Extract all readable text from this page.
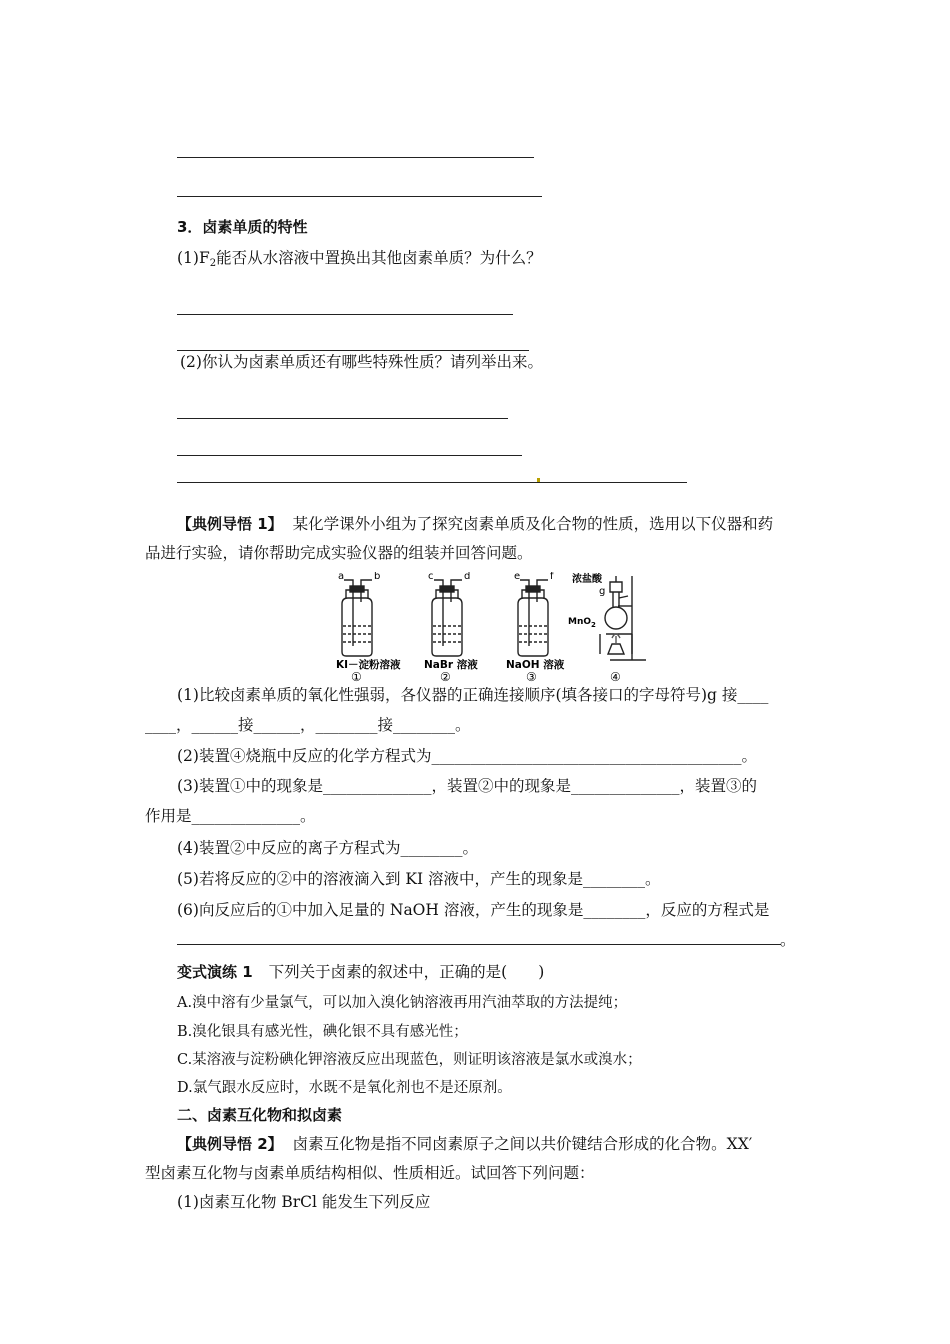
3．卤素单质的特性
$(1)F_2$能否从水溶液中置换出其他卤素单质？为什么？
(2)你认为卤素单质还有哪些特殊性质？请列举出来。
【典例导悟 1】 某化学课外小组为了探究卤素单质及化合物的性质，选用以下仪器和药
品进行实验，请你帮助完成实验仪器的组装并回答问题。
a	b	c	d	e	f
g
浓盐酸
MnO$_2$
KI－淀粉溶液 NaBr 溶液	NaOH 溶液
①	②	③	④
(1)比较卤素单质的氧化性强弱，各仪器的正确连接顺序(填各接口的字母符号)g 接____
____，______接______，________接________。
(2)装置④烧瓶中反应的化学方程式为________________________________________。
(3)装置①中的现象是______________，装置②中的现象是______________，装置③的
作用是______________。
(4)装置②中反应的离子方程式为________。
(5)若将反应的②中的溶液滴入到 KI 溶液中，产生的现象是________。
(6)向反应后的①中加入足量的 NaOH 溶液，产生的现象是________，反应的方程式是
。
变式演练 1 下列关于卤素的叙述中，正确的是(　　)
A.溴中溶有少量氯气，可以加入溴化钠溶液再用汽油萃取的方法提纯；
B.溴化银具有感光性，碘化银不具有感光性；
C.某溶液与淀粉碘化钾溶液反应出现蓝色，则证明该溶液是氯水或溴水；
D.氯气跟水反应时，水既不是氧化剂也不是还原剂。
二、卤素互化物和拟卤素
【典例导悟 2】 卤素互化物是指不同卤素原子之间以共价键结合形成的化合物。XX′
型卤素互化物与卤素单质结构相似、性质相近。试回答下列问题：
(1)卤素互化物 BrCl 能发生下列反应
